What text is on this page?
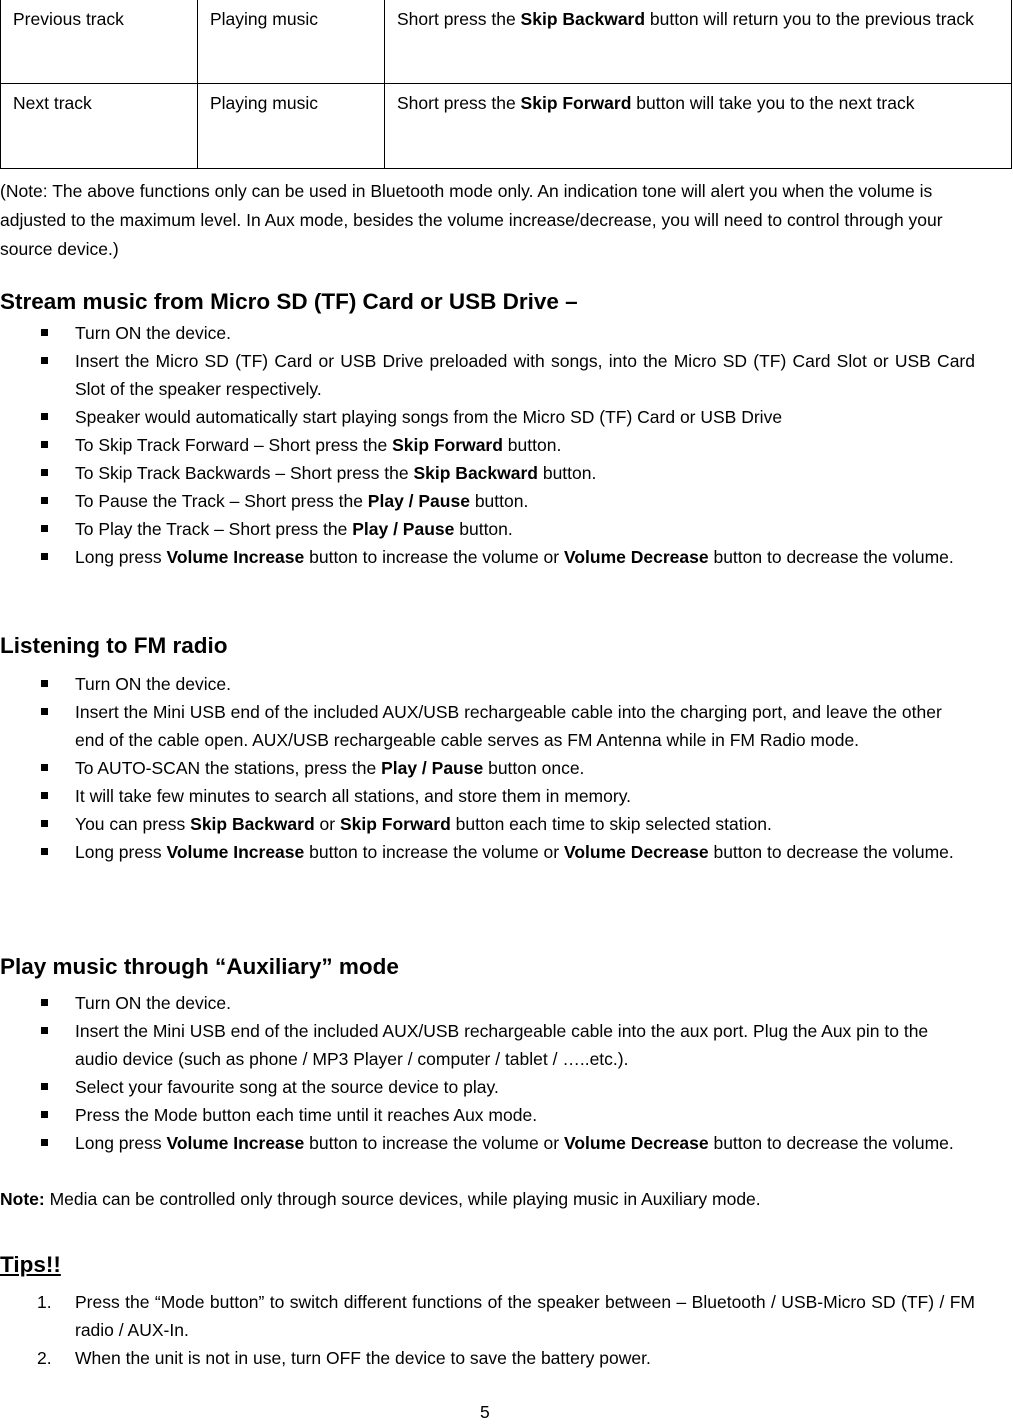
Previous track	Playing music	Short press the Skip Backward button will return you to the previous track
Next track	Playing music	Short press the Skip Forward button will take you to the next track
(Note: The above functions only can be used in Bluetooth mode only. An indication tone will alert you when the volume is adjusted to the maximum level. In Aux mode, besides the volume increase/decrease, you will need to control through your source device.)
Stream music from Micro SD (TF) Card or USB Drive –
Turn ON the device.
Insert the Micro SD (TF) Card or USB Drive preloaded with songs, into the Micro SD (TF) Card Slot or USB Card Slot of the speaker respectively.
Speaker would automatically start playing songs from the Micro SD (TF) Card or USB Drive
To Skip Track Forward – Short press the Skip Forward button.
To Skip Track Backwards – Short press the Skip Backward button.
To Pause the Track – Short press the Play / Pause button.
To Play the Track – Short press the Play / Pause button.
Long press Volume Increase button to increase the volume or Volume Decrease button to decrease the volume.
Listening to FM radio
Turn ON the device.
Insert the Mini USB end of the included AUX/USB rechargeable cable into the charging port, and leave the other end of the cable open. AUX/USB rechargeable cable serves as FM Antenna while in FM Radio mode.
To AUTO-SCAN the stations, press the Play / Pause button once.
It will take few minutes to search all stations, and store them in memory.
You can press Skip Backward or Skip Forward button each time to skip selected station.
Long press Volume Increase button to increase the volume or Volume Decrease button to decrease the volume.
Play music through “Auxiliary” mode
Turn ON the device.
Insert the Mini USB end of the included AUX/USB rechargeable cable into the aux port. Plug the Aux pin to the audio device (such as phone / MP3 Player / computer / tablet / …..etc.).
Select your favourite song at the source device to play.
Press the Mode button each time until it reaches Aux mode.
Long press Volume Increase button to increase the volume or Volume Decrease button to decrease the volume.
Note: Media can be controlled only through source devices, while playing music in Auxiliary mode.
Tips!!
1. Press the “Mode button” to switch different functions of the speaker between – Bluetooth / USB-Micro SD (TF) / FM radio / AUX-In.
2. When the unit is not in use, turn OFF the device to save the battery power.
5
